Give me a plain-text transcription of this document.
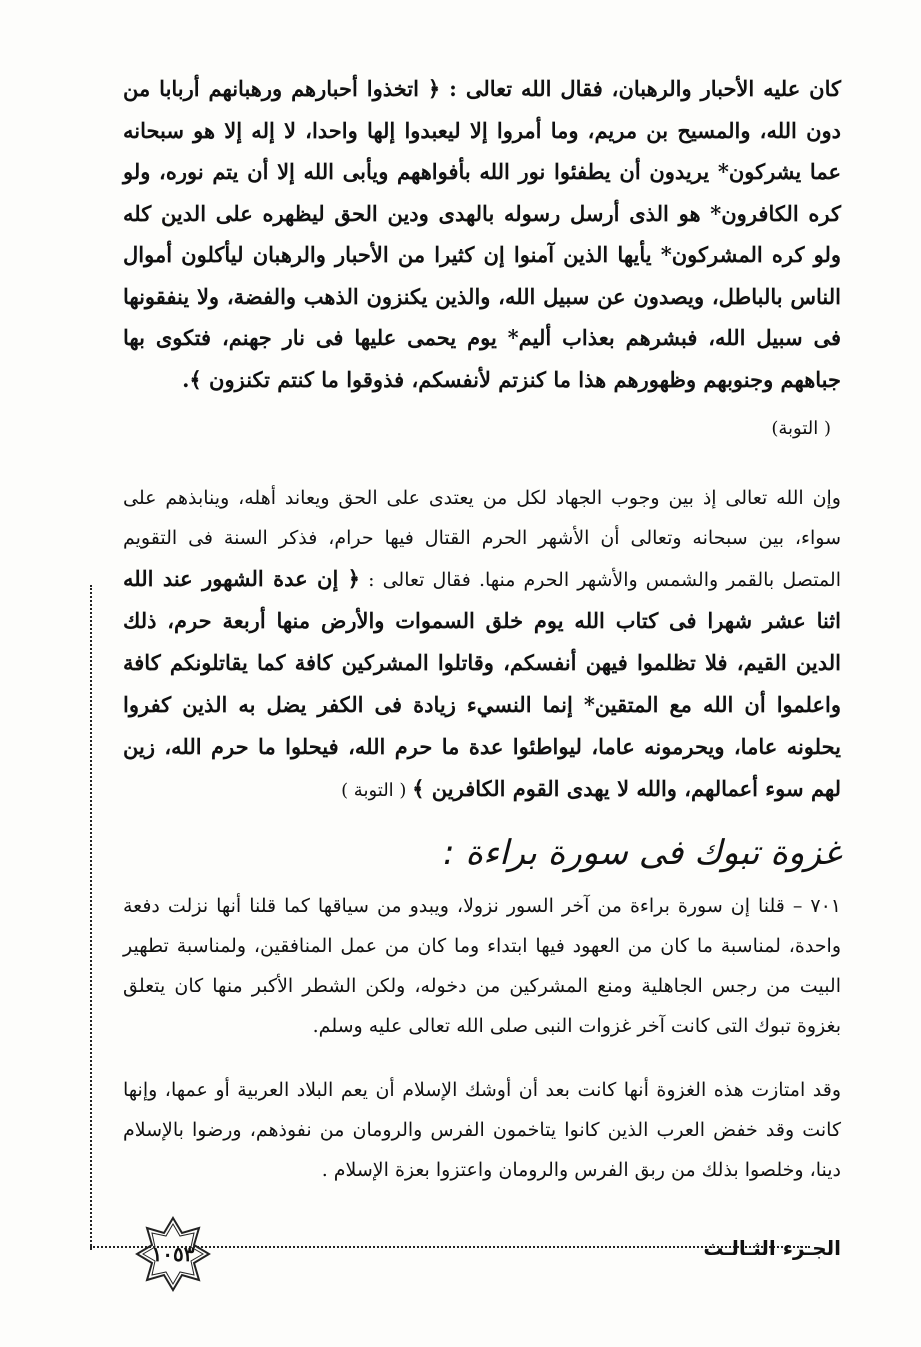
كان عليه الأحبار والرهبان، فقال الله تعالى : ﴿ اتخذوا أحبارهم ورهبانهم أربابا من دون الله، والمسيح بن مريم، وما أمروا إلا ليعبدوا إلها واحدا، لا إله إلا هو سبحانه عما يشركون* يريدون أن يطفئوا نور الله بأفواههم ويأبى الله إلا أن يتم نوره، ولو كره الكافرون* هو الذى أرسل رسوله بالهدى ودين الحق ليظهره على الدين كله ولو كره المشركون* يأيها الذين آمنوا إن كثيرا من الأحبار والرهبان ليأكلون أموال الناس بالباطل، ويصدون عن سبيل الله، والذين يكنزون الذهب والفضة، ولا ينفقونها فى سبيل الله، فبشرهم بعذاب أليم* يوم يحمى عليها فى نار جهنم، فتكوى بها جباههم وجنوبهم وظهورهم هذا ما كنزتم لأنفسكم، فذوقوا ما كنتم تكنزون ﴾.

( التوبة)

وإن الله تعالى إذ بين وجوب الجهاد لكل من يعتدى على الحق ويعاند أهله، وينابذهم على سواء، بين سبحانه وتعالى أن الأشهر الحرم القتال فيها حرام، فذكر السنة فى التقويم المتصل بالقمر والشمس والأشهر الحرم منها. فقال تعالى : ﴿ إن عدة الشهور عند الله اثنا عشر شهرا فى كتاب الله يوم خلق السموات والأرض منها أربعة حرم، ذلك الدين القيم، فلا تظلموا فيهن أنفسكم، وقاتلوا المشركين كافة كما يقاتلونكم كافة واعلموا أن الله مع المتقين* إنما النسيء زيادة فى الكفر يضل به الذين كفروا يحلونه عاما، ويحرمونه عاما، ليواطئوا عدة ما حرم الله، فيحلوا ما حرم الله، زين لهم سوء أعمالهم، والله لا يهدى القوم الكافرين ﴾ ( التوبة )

غزوة تبوك فى سورة براءة :

٧٠١ – قلنا إن سورة براءة من آخر السور نزولا، ويبدو من سياقها كما قلنا أنها نزلت دفعة واحدة، لمناسبة ما كان من العهود فيها ابتداء وما كان من عمل المنافقين، ولمناسبة تطهير البيت من رجس الجاهلية ومنع المشركين من دخوله، ولكن الشطر الأكبر منها كان يتعلق بغزوة تبوك التى كانت آخر غزوات النبى صلى الله تعالى عليه وسلم.

وقد امتازت هذه الغزوة أنها كانت بعد أن أوشك الإسلام أن يعم البلاد العربية أو عمها، وإنها كانت وقد خفض العرب الذين كانوا يتاخمون الفرس والرومان من نفوذهم، ورضوا بالإسلام دينا، وخلصوا بذلك من ربق الفرس والرومان واعتزوا بعزة الإسلام .

١٠٥٣	الجـزء الثـالـث
